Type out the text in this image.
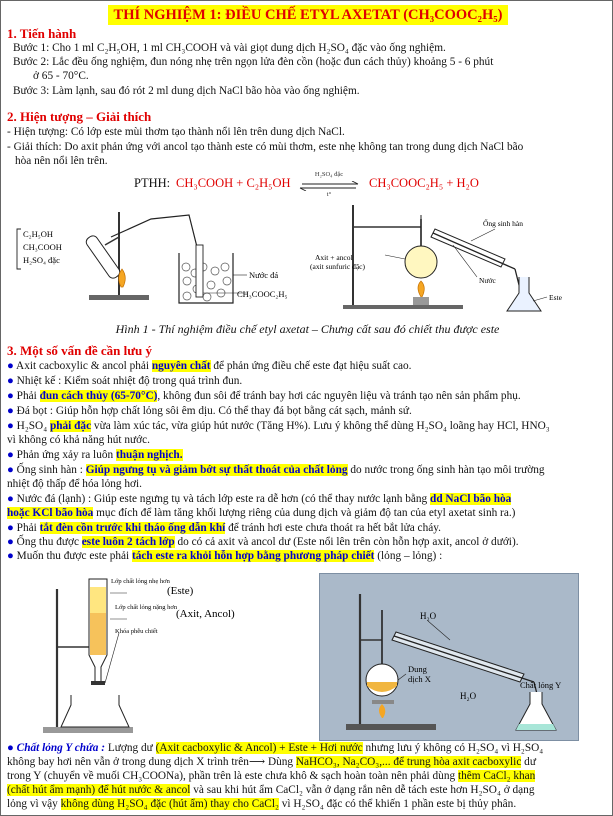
THÍ NGHIỆM 1: ĐIỀU CHẾ ETYL AXETAT (CH₃COOC₂H₅)
1. Tiến hành
Bước 1: Cho 1 ml C₂H₅OH, 1 ml CH₃COOH và vài giọt dung dịch H₂SO₄ đặc vào ống nghiệm.
Bước 2: Lắc đều ống nghiệm, đun nóng nhẹ trên ngọn lửa đèn cồn (hoặc đun cách thủy) khoảng 5 - 6 phút
ở 65 - 70°C.
Bước 3: Làm lạnh, sau đó rót 2 ml dung dịch NaCl bão hòa vào ống nghiệm.
2. Hiện tượng – Giải thích
- Hiện tượng: Có lớp este mùi thơm tạo thành nổi lên trên dung dịch NaCl.
- Giải thích: Do axit phản ứng với ancol tạo thành este có mùi thơm, este nhẹ không tan trong dung dịch NaCl bão
hòa nên nổi lên trên.
PTHH: CH₃COOH + C₂H₅OH
H₂SO₄ đặc
t°
CH₃COOC₂H₅ + H₂O
C₂H₅OH
CH₃COOH
H₂SO₄ đặc
Nước đá
CH₃COOC₂H₅
Axit + ancol
(axit sunfuric đặc)
Ống sinh hàn
Nước
Este
Hình 1 - Thí nghiệm điều chế etyl axetat – Chưng cất sau đó chiết thu được este
3. Một số vấn đề cần lưu ý
● Axit cacboxylic & ancol phải nguyên chất để phản ứng điều chế este đạt hiệu suất cao.
● Nhiệt kế : Kiểm soát nhiệt độ trong quá trình đun.
● Phải đun cách thủy (65-70°C), không đun sôi để tránh bay hơi các nguyên liệu và tránh tạo nên sản phẩm phụ.
● Đá bọt : Giúp hỗn hợp chất lỏng sôi êm dịu. Có thể thay đá bọt bằng cát sạch, mảnh sứ.
● H₂SO₄ phải đặc vừa làm xúc tác, vừa giúp hút nước (Tăng H%). Lưu ý không thể dùng H₂SO₄ loãng hay HCl, HNO₃
vì không có khả năng hút nước.
● Phản ứng xảy ra luôn thuận nghịch.
● Ống sinh hàn : Giúp ngưng tụ và giảm bớt sự thất thoát của chất lỏng do nước trong ống sinh hàn tạo môi trường
nhiệt độ thấp để hóa lỏng hơi.
● Nước đá (lạnh) : Giúp este ngưng tụ và tách lớp este ra dễ hơn (có thể thay nước lạnh bằng dd NaCl bão hòa
hoặc KCl bão hòa mục đích để làm tăng khối lượng riêng của dung dịch và giảm độ tan của etyl axetat sinh ra.)
● Phải tắt đèn cồn trước khi tháo ống dẫn khí để tránh hơi este chưa thoát ra hết bắt lửa cháy.
● Ống thu được este luôn 2 tách lớp do có cả axit và ancol dư (Este nổi lên trên còn hỗn hợp axit, ancol ở dưới).
● Muốn thu được este phải tách este ra khỏi hỗn hợp bằng phương pháp chiết (lỏng – lỏng) :
Lớp chất lỏng nhẹ hơn
(Este)
Lớp chất lỏng nặng hơn
(Axit, Ancol)
Khóa phễu chiết
H₂O
Dung
dịch X
H₂O
Chất lỏng Y
● Chất lỏng Y chứa : Lượng dư (Axit cacboxylic & Ancol) + Este + Hơi nước nhưng lưu ý không có H₂SO₄ vì H₂SO₄
không bay hơi nên vẫn ở trong dung dịch X trình trên⟶ Dùng NaHCO₃, Na₂CO₃,... để trung hòa axit cacboxylic dư
trong Y (chuyển về muối CH₃COONa), phần trên là este chưa khô & sạch hoàn toàn nên phải dùng thêm CaCl₂ khan
(chất hút ẩm mạnh) để hút nước & ancol và sau khi hút ẩm CaCl₂ vẫn ở dạng rắn nên dễ tách este hơn H₂SO₄ ở dạng
lỏng vì vậy không dùng H₂SO₄ đặc (hút ẩm) thay cho CaCl₂ vì H₂SO₄ đặc có thể khiến 1 phần este bị thủy phân.
